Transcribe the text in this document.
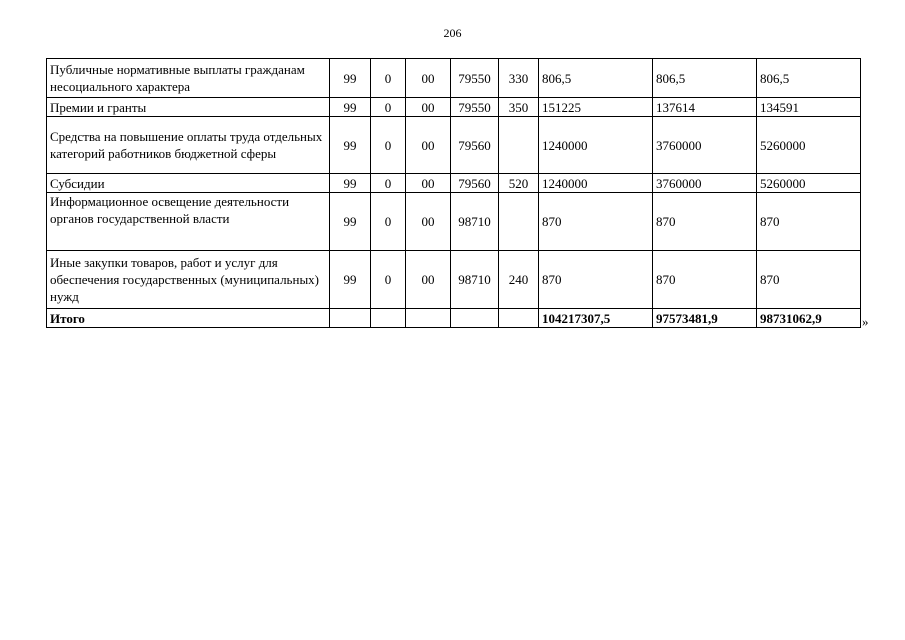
206
Публичные нормативные выплаты гражданам несоциального характера	99	0	00	79550	330	806,5	806,5	806,5
Премии и гранты	99	0	00	79550	350	151225	137614	134591
Средства на повышение оплаты труда отдельных категорий работников бюджетной сферы	99	0	00	79560		1240000	3760000	5260000
Субсидии	99	0	00	79560	520	1240000	3760000	5260000
Информационное освещение деятельности органов государственной власти	99	0	00	98710		870	870	870
Иные закупки товаров, работ и услуг для обеспечения государственных (муниципальных) нужд	99	0	00	98710	240	870	870	870
Итого						104217307,5	97573481,9	98731062,9	»
